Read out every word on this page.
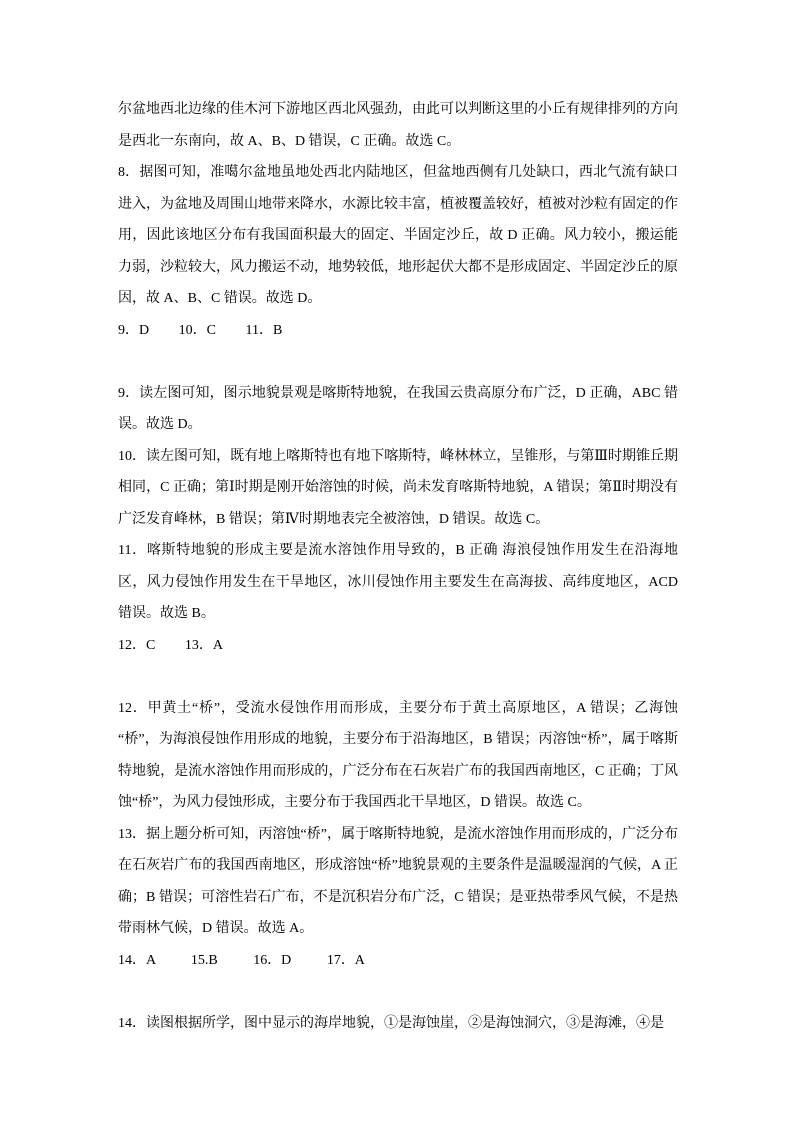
尔盆地西北边缘的佳木河下游地区西北风强劲，由此可以判断这里的小丘有规律排列的方向是西北一东南向，故 A、B、D 错误，C 正确。故选 C。

8．据图可知，准噶尔盆地虽地处西北内陆地区，但盆地西侧有几处缺口，西北气流有缺口进入，为盆地及周围山地带来降水，水源比较丰富，植被覆盖较好，植被对沙粒有固定的作用，因此该地区分布有我国面积最大的固定、半固定沙丘，故 D 正确。风力较小，搬运能力弱，沙粒较大，风力搬运不动，地势较低，地形起伏大都不是形成固定、半固定沙丘的原因，故 A、B、C 错误。故选 D。

9．D 10．C 11．B

9．读左图可知，图示地貌景观是喀斯特地貌，在我国云贵高原分布广泛，D 正确，ABC 错误。故选 D。

10．读左图可知，既有地上喀斯特也有地下喀斯特，峰林林立，呈锥形，与第Ⅲ时期锥丘期相同，C 正确；第Ⅰ时期是刚开始溶蚀的时候，尚未发育喀斯特地貌，A 错误；第Ⅱ时期没有广泛发育峰林，B 错误；第Ⅳ时期地表完全被溶蚀，D 错误。故选 C。

11．喀斯特地貌的形成主要是流水溶蚀作用导致的，B 正确 海浪侵蚀作用发生在沿海地区，风力侵蚀作用发生在干旱地区，冰川侵蚀作用主要发生在高海拔、高纬度地区，ACD 错误。故选 B。

12．C 13．A

12．甲黄土“桥”，受流水侵蚀作用而形成，主要分布于黄土高原地区，A 错误；乙海蚀“桥”，为海浪侵蚀作用形成的地貌，主要分布于沿海地区，B 错误；丙溶蚀“桥”，属于喀斯特地貌，是流水溶蚀作用而形成的，广泛分布在石灰岩广布的我国西南地区，C 正确；丁风蚀“桥”，为风力侵蚀形成，主要分布于我国西北干旱地区，D 错误。故选 C。

13．据上题分析可知，丙溶蚀“桥”，属于喀斯特地貌，是流水溶蚀作用而形成的，广泛分布在石灰岩广布的我国西南地区，形成溶蚀“桥”地貌景观的主要条件是温暖湿润的气候，A 正确；B 错误；可溶性岩石广布，不是沉积岩分布广泛，C 错误；是亚热带季风气候，不是热带雨林气候，D 错误。故选 A。

14．A	15.B	16．D	17．A

14．读图根据所学，图中显示的海岸地貌，①是海蚀崖，②是海蚀洞穴，③是海滩，④是
